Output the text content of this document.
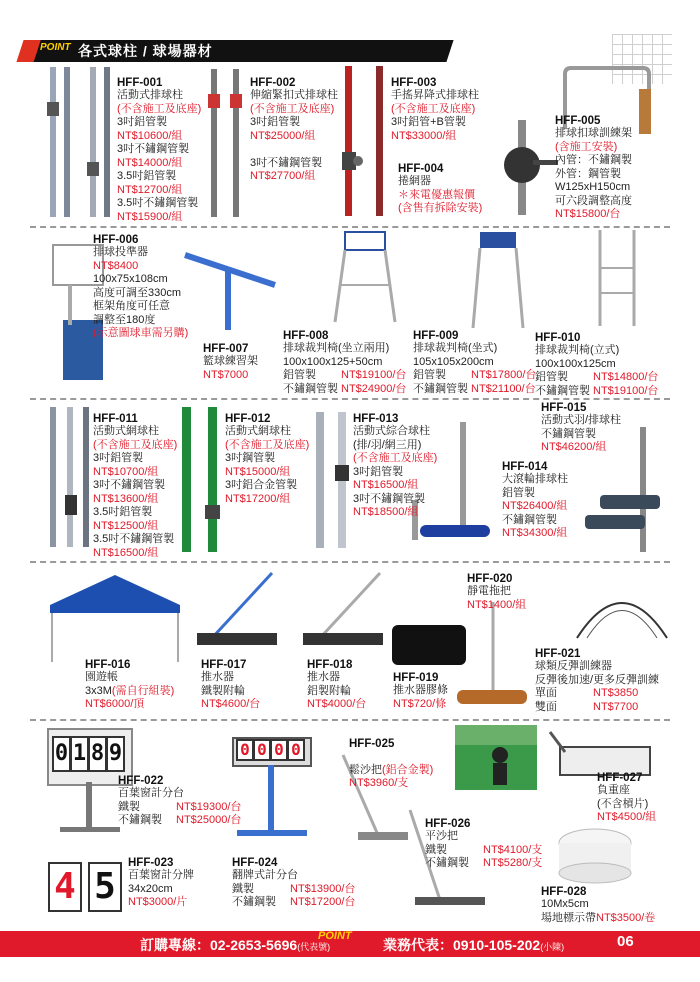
POINT 各式球柱 / 球場器材
HFF-001
活動式排球柱
(不含施工及底座)
3吋鋁管製
NT$10600/組
3吋不鏽鋼管製
NT$14000/組
3.5吋鋁管製
NT$12700/組
3.5吋不鏽鋼管製
NT$15900/組
HFF-002
伸縮緊扣式排球柱
(不含施工及底座)
3吋鋁管製
NT$25000/組

3吋不鏽鋼管製
NT$27700/組
HFF-003
手搖昇降式排球柱
(不含施工及底座)
3吋鋁管+B管製
NT$33000/組
HFF-004
捲網器
＊來電優惠報價
(含售有拆除安裝)
HFF-005
排球扣球訓練架
(含施工安裝)
內管：不鏽鋼製
外管：鋼管製
W125xH150cm
可六段調整高度
NT$15800/台
HFF-006
排球投準器
NT$8400
100x75x108cm
高度可調至330cm
框架角度可任意
調整至180度
(示意圖球車需另購)
HFF-007
籃球練習架
NT$7000
HFF-008
排球裁判椅(坐立兩用)
100x100x125+50cm
鋁管製 NT$19100/台
不鏽鋼管製 NT$24900/台
HFF-009
排球裁判椅(坐式)
105x105x200cm
鋁管製 NT$17800/台
不鏽鋼管製 NT$21100/台
HFF-010
排球裁判椅(立式)
100x100x125cm
鋁管製 NT$14800/台
不鏽鋼管製 NT$19100/台
HFF-011
活動式網球柱
(不含施工及底座)
3吋鋁管製
NT$10700/組
3吋不鏽鋼管製
NT$13600/組
3.5吋鋁管製
NT$12500/組
3.5吋不鏽鋼管製
NT$16500/組
HFF-012
活動式網球柱
(不含施工及底座)
3吋鋼管製
NT$15000/組
3吋鋁合金管製
NT$17200/組
HFF-013
活動式綜合球柱
(排/羽/網三用)
(不含施工及底座)
3吋鋁管製
NT$16500/組
3吋不鏽鋼管製
NT$18500/組
HFF-014
大滾輪排球柱
鋁管製
NT$26400/組
不鏽鋼管製
NT$34300/組
HFF-015
活動式羽/排球柱
不鏽鋼管製
NT$46200/組
HFF-020
靜電拖把
NT$1400/組
HFF-021
球類反彈訓練器
反彈後加速/更多反彈訓練
單面	NT$3850
雙面	NT$7700
HFF-016
園遊帳
3x3M(需自行組裝)
NT$6000/頂
HFF-017
推水器
鐵製附輪
NT$4600/台
HFF-018
推水器
鋁製附輪
NT$4000/台
HFF-019
推水器膠條
NT$720/條
0 1 8 9	0 0 0 0
4 5
HFF-022
百葉窗計分台
鐵製	NT$19300/台
不鏽鋼製 NT$25000/台
HFF-023
百葉窗計分牌
34x20cm
NT$3000/片
HFF-024
翻牌式計分台
鐵製	NT$13900/台
不鏽鋼製 NT$17200/台
HFF-025

鬆沙把(鋁合金製)
NT$3960/支
HFF-026
平沙把
鐵製	NT$4100/支
不鏽鋼製 NT$5280/支
HFF-027
負重座
(不含槓片)
NT$4500/組
HFF-028
10Mx5cm
場地標示帶NT$3500/卷
訂購專線：02-2653-5696(代表號)
POINT
業務代表：0910-105-202(小陳)	06
